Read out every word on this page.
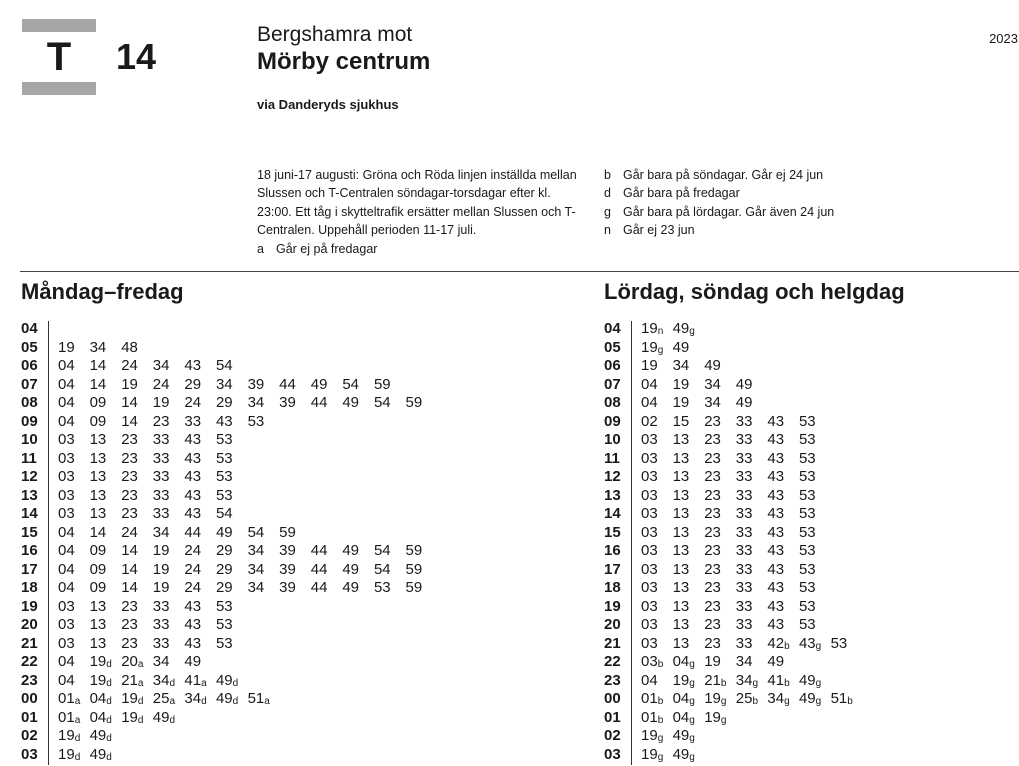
T	14
Bergshamra mot
Mörby centrum
via Danderyds sjukhus
2023
18 juni-17 augusti: Gröna och Röda linjen inställda mellan Slussen och T-Centralen söndagar-torsdagar efter kl. 23:00. Ett tåg i skytteltrafik ersätter mellan Slussen och T-Centralen. Uppehåll perioden 11-17 juli.
a Går ej på fredagar
b Går bara på söndagar. Går ej 24 jun
d Går bara på fredagar
g Går bara på lördagar. Går även 24 jun
n Går ej 23 jun
Måndag–fredag	Lördag, söndag och helgdag
04
05	19 34 48
06	04 14 24 34 43 54
07	04 14 19 24 29 34 39 44 49 54 59
08	04 09 14 19 24 29 34 39 44 49 54 59
09	04 09 14 23 33 43 53
10	03 13 23 33 43 53
11	03 13 23 33 43 53
12	03 13 23 33 43 53
13	03 13 23 33 43 53
14	03 13 23 33 43 54
15	04 14 24 34 44 49 54 59
16	04 09 14 19 24 29 34 39 44 49 54 59
17	04 09 14 19 24 29 34 39 44 49 54 59
18	04 09 14 19 24 29 34 39 44 49 53 59
19	03 13 23 33 43 53
20	03 13 23 33 43 53
21	03 13 23 33 43 53
22	04 $19_d$ $20_a$ 34 49
23	04 $19_d$ $21_a$ $34_d$ $41_a$ $49_d$
00	$01_a$ $04_d$ $19_d$ $25_a$ $34_d$ $49_d$ $51_a$
01	$01_a$ $04_d$ $19_d$ $49_d$
02	$19_d$ $49_d$
03	$19_d$ $49_d$
04	$19_n$ $49_g$
05	$19_g$ 49
06	19 34 49
07	04 19 34 49
08	04 19 34 49
09	02 15 23 33 43 53
10	03 13 23 33 43 53
11	03 13 23 33 43 53
12	03 13 23 33 43 53
13	03 13 23 33 43 53
14	03 13 23 33 43 53
15	03 13 23 33 43 53
16	03 13 23 33 43 53
17	03 13 23 33 43 53
18	03 13 23 33 43 53
19	03 13 23 33 43 53
20	03 13 23 33 43 53
21	03 13 23 33 $42_b$ $43_g$ 53
22	$03_b$ $04_g$ 19 34 49
23	04 $19_g$ $21_b$ $34_g$ $41_b$ $49_g$
00	$01_b$ $04_g$ $19_g$ $25_b$ $34_g$ $49_g$ $51_b$
01	$01_b$ $04_g$ $19_g$
02	$19_g$ $49_g$
03	$19_g$ $49_g$
